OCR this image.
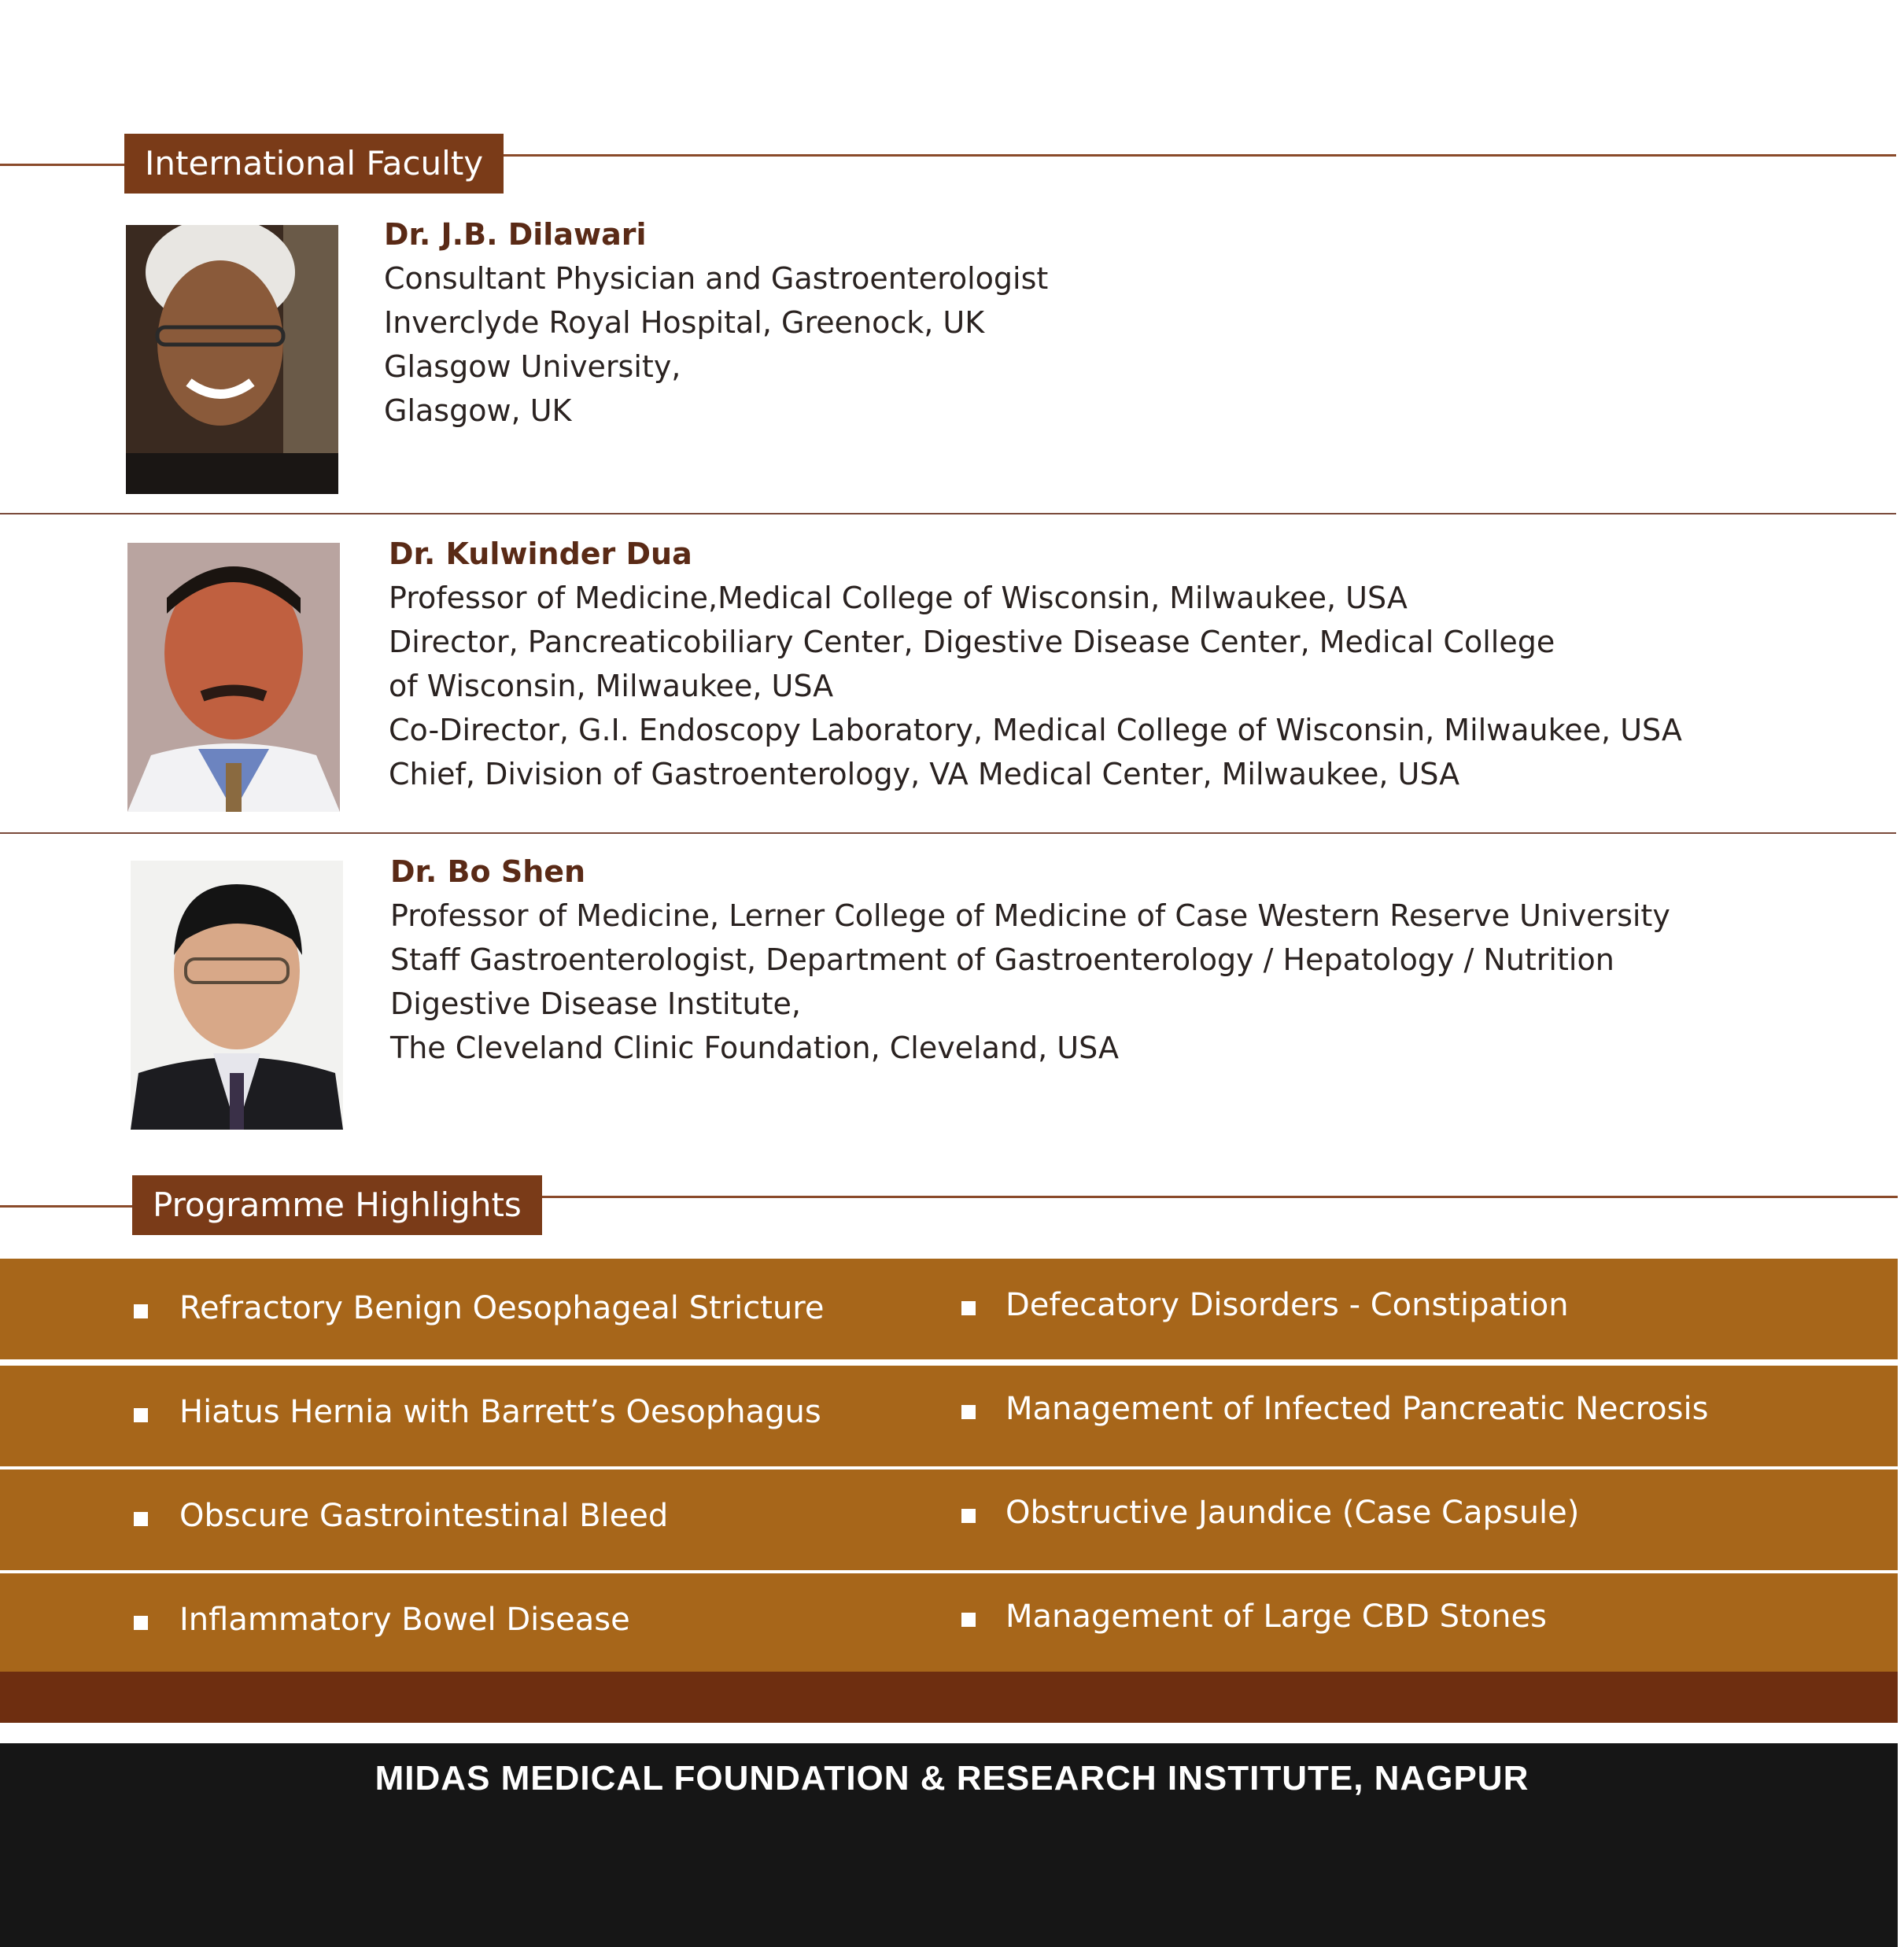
International Faculty
Dr. J.B. Dilawari
Consultant Physician and Gastroenterologist
Inverclyde Royal Hospital, Greenock, UK
Glasgow University,
Glasgow, UK
Dr. Kulwinder Dua
Professor of Medicine,Medical College of Wisconsin, Milwaukee, USA
Director, Pancreaticobiliary Center, Digestive Disease Center, Medical College
of Wisconsin, Milwaukee, USA
Co-Director, G.I. Endoscopy Laboratory, Medical College of Wisconsin, Milwaukee, USA
Chief, Division of Gastroenterology, VA Medical Center, Milwaukee, USA
Dr. Bo Shen
Professor of Medicine, Lerner College of Medicine of Case Western Reserve University
Staff Gastroenterologist, Department of Gastroenterology / Hepatology / Nutrition
Digestive Disease Institute,
The Cleveland Clinic Foundation, Cleveland, USA
Programme Highlights
Refractory Benign Oesophageal Stricture	Defecatory Disorders - Constipation
Hiatus Hernia with Barrett’s Oesophagus	Management of Infected Pancreatic Necrosis
Obscure Gastrointestinal Bleed	Obstructive Jaundice (Case Capsule)
Inflammatory Bowel Disease	Management of Large CBD Stones
MIDAS MEDICAL FOUNDATION & RESEARCH INSTITUTE, NAGPUR
